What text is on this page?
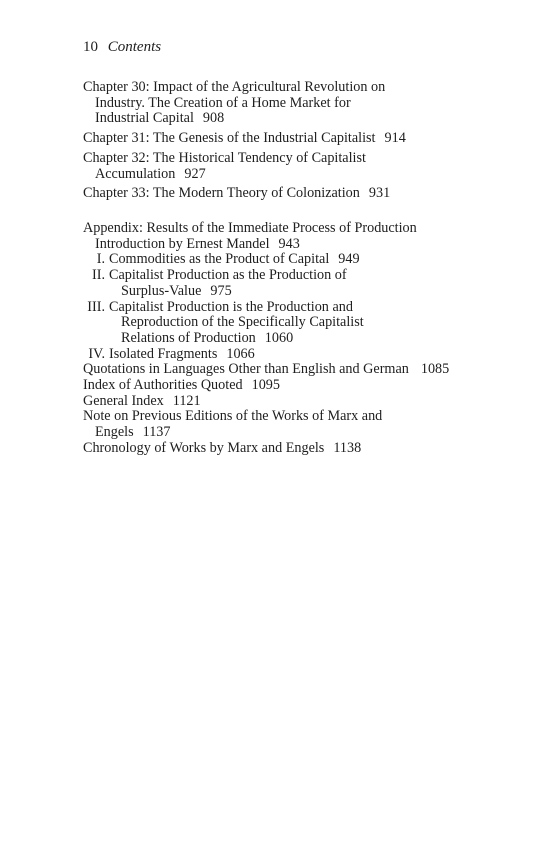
10 Contents
Chapter 30: Impact of the Agricultural Revolution on
Industry. The Creation of a Home Market for
Industrial Capital 908
Chapter 31: The Genesis of the Industrial Capitalist 914
Chapter 32: The Historical Tendency of Capitalist
Accumulation 927
Chapter 33: The Modern Theory of Colonization 931
Appendix: Results of the Immediate Process of Production
Introduction by Ernest Mandel 943
I. Commodities as the Product of Capital 949
II. Capitalist Production as the Production of
Surplus-Value 975
III. Capitalist Production is the Production and
Reproduction of the Specifically Capitalist
Relations of Production 1060
IV. Isolated Fragments 1066
Quotations in Languages Other than English and German 1085
Index of Authorities Quoted 1095
General Index 1121
Note on Previous Editions of the Works of Marx and
Engels 1137
Chronology of Works by Marx and Engels 1138
